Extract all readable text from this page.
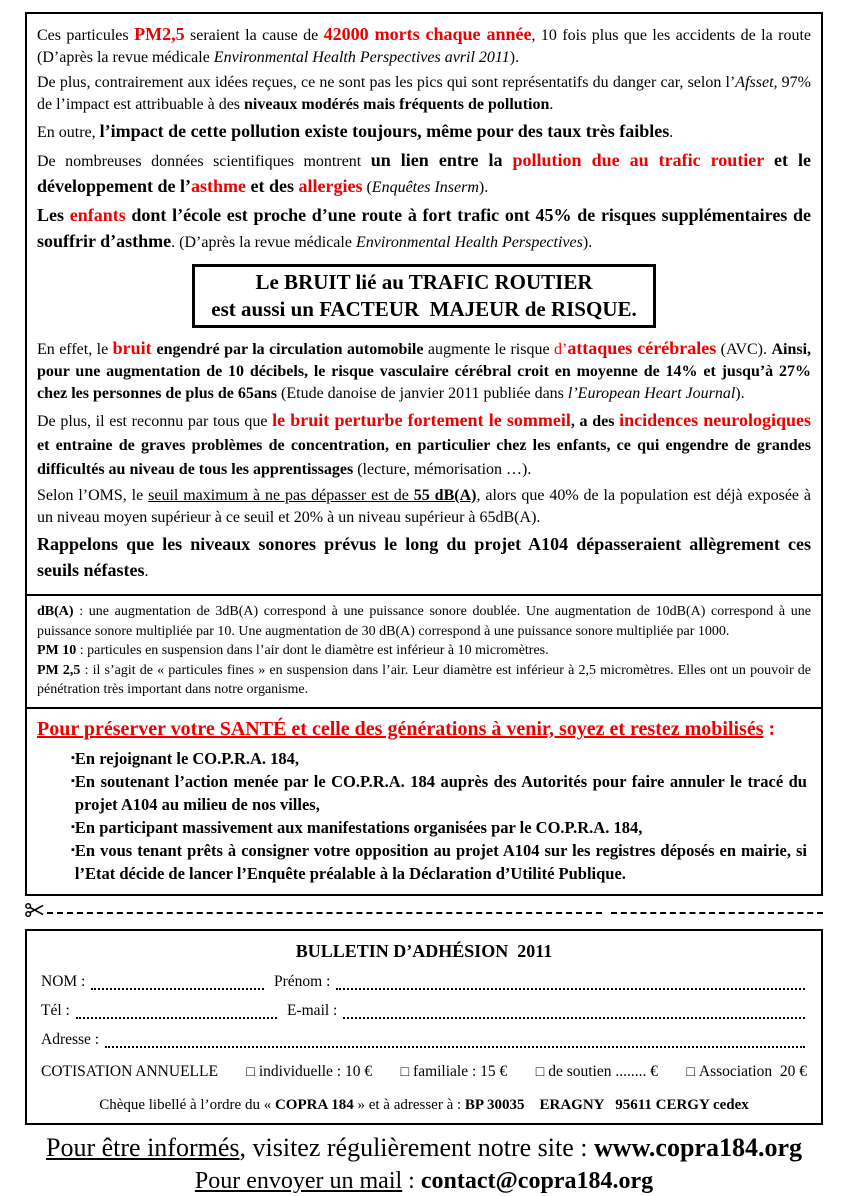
Ces particules PM2,5 seraient la cause de 42000 morts chaque année, 10 fois plus que les accidents de la route (D’après la revue médicale Environmental Health Perspectives avril 2011).
De plus, contrairement aux idées reçues, ce ne sont pas les pics qui sont représentatifs du danger car, selon l’Afsset, 97% de l’impact est attribuable à des niveaux modérés mais fréquents de pollution.
En outre, l’impact de cette pollution existe toujours, même pour des taux très faibles.
De nombreuses données scientifiques montrent un lien entre la pollution due au trafic routier et le développement de l’asthme et des allergies (Enquêtes Inserm).
Les enfants dont l’école est proche d’une route à fort trafic ont 45% de risques supplémentaires de souffrir d’asthme. (D’après la revue médicale Environmental Health Perspectives).
Le BRUIT lié au TRAFIC ROUTIER
est aussi un FACTEUR  MAJEUR de RISQUE.
En effet, le bruit engendré par la circulation automobile augmente le risque d’attaques cérébrales (AVC). Ainsi, pour une augmentation de 10 décibels, le risque vasculaire cérébral croit en moyenne de 14% et jusqu’à 27% chez les personnes de plus de 65ans (Etude danoise de janvier 2011 publiée dans l’European Heart Journal).
De plus, il est reconnu par tous que le bruit perturbe fortement le sommeil, a des incidences neurologiques et entraine de graves problèmes de concentration, en particulier chez les enfants, ce qui engendre de grandes difficultés au niveau de tous les apprentissages (lecture, mémorisation …).
Selon l’OMS, le seuil maximum à ne pas dépasser est de 55 dB(A), alors que 40% de la population est déjà exposée à un niveau moyen supérieur à ce seuil et 20% à un niveau supérieur à 65dB(A).
Rappelons que les niveaux sonores prévus le long du projet A104 dépasseraient allègrement ces seuils néfastes.
dB(A) : une augmentation de 3dB(A) correspond à une puissance sonore doublée. Une augmentation de 10dB(A) correspond à une puissance sonore multipliée par 10. Une augmentation de 30 dB(A) correspond à une puissance sonore multipliée par 1000.
PM 10 : particules en suspension dans l’air dont le diamètre est inférieur à 10 micromètres.
PM 2,5 : il s’agit de « particules fines » en suspension dans l’air. Leur diamètre est inférieur à 2,5 micromètres. Elles ont un pouvoir de pénétration très important dans notre organisme.
Pour préserver votre SANTÉ et celle des générations à venir, soyez et restez mobilisés :
▪ En rejoignant le CO.P.R.A. 184,
▪ En soutenant l’action menée par le CO.P.R.A. 184 auprès des Autorités pour faire annuler le tracé du projet A104 au milieu de nos villes,
▪ En participant massivement aux manifestations organisées par le CO.P.R.A. 184,
▪ En vous tenant prêts à consigner votre opposition au projet A104 sur les registres déposés en mairie, si l’Etat décide de lancer l’Enquête préalable à la Déclaration d’Utilité Publique.
BULLETIN D’ADHÉSION  2011
NOM :	Prénom :
Tél :	E-mail :
Adresse :
COTISATION ANNUELLE □ individuelle : 10 € □ familiale : 15 € □ de soutien ........ € □ Association  20 €
Chèque libellé à l’ordre du « COPRA 184 » et à adresser à : BP 30035    ERAGNY   95611 CERGY cedex
Pour être informés, visitez régulièrement notre site : www.copra184.org
Pour envoyer un mail : contact@copra184.org
